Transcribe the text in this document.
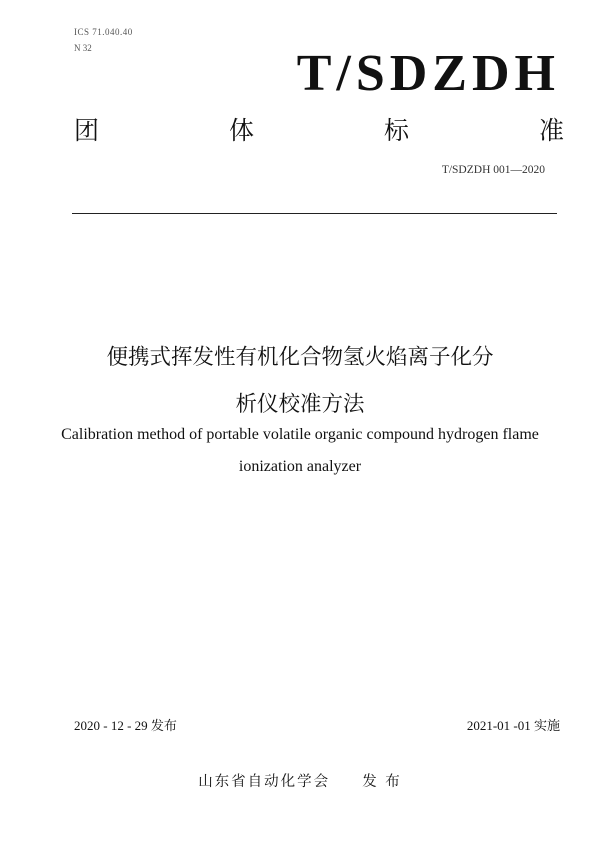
ICS 71.040.40
N 32	T/SDZDH
团	体	标	准
T/SDZDH 001—2020
便携式挥发性有机化合物氢火焰离子化分
析仪校准方法
Calibration method of portable volatile organic compound hydrogen flame
ionization analyzer
2020 - 12 - 29 发布	2021-01 -01 实施
山东省自动化学会 发 布
